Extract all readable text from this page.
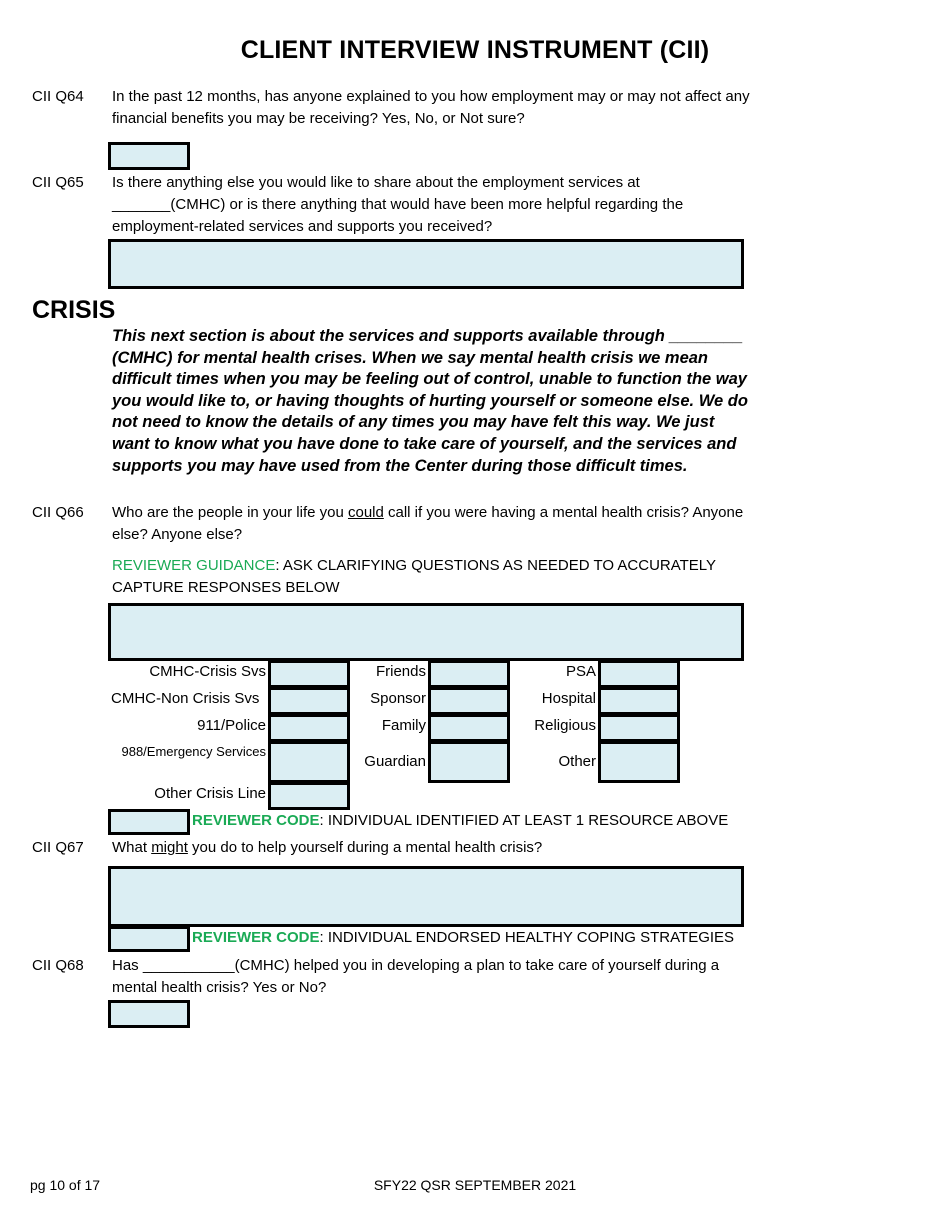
CLIENT INTERVIEW INSTRUMENT (CII)
CII Q64 In the past 12 months, has anyone explained to you how employment may or may not affect any financial benefits you may be receiving? Yes, No, or Not sure?
CII Q65 Is there anything else you would like to share about the employment services at _______(CMHC) or is there anything that would have been more helpful regarding the employment-related services and supports you received?
CRISIS
This next section is about the services and supports available through ________ (CMHC) for mental health crises. When we say mental health crisis we mean difficult times when you may be feeling out of control, unable to function the way you would like to, or having thoughts of hurting yourself or someone else. We do not need to know the details of any times you may have felt this way. We just want to know what you have done to take care of yourself, and the services and supports you may have used from the Center during those difficult times.
CII Q66 Who are the people in your life you could call if you were having a mental health crisis? Anyone else? Anyone else?
REVIEWER GUIDANCE: ASK CLARIFYING QUESTIONS AS NEEDED TO ACCURATELY CAPTURE RESPONSES BELOW
CMHC-Crisis Svs
CMHC-Non Crisis Svs
911/Police
988/Emergency Services
Other Crisis Line
Friends
Sponsor
Family
Guardian
PSA
Hospital
Religious
Other
REVIEWER CODE: INDIVIDUAL IDENTIFIED AT LEAST 1 RESOURCE ABOVE
CII Q67 What might you do to help yourself during a mental health crisis?
REVIEWER CODE: INDIVIDUAL ENDORSED HEALTHY COPING STRATEGIES
CII Q68 Has ___________(CMHC) helped you in developing a plan to take care of yourself during a mental health crisis? Yes or No?
pg 10 of 17	SFY22 QSR SEPTEMBER 2021
